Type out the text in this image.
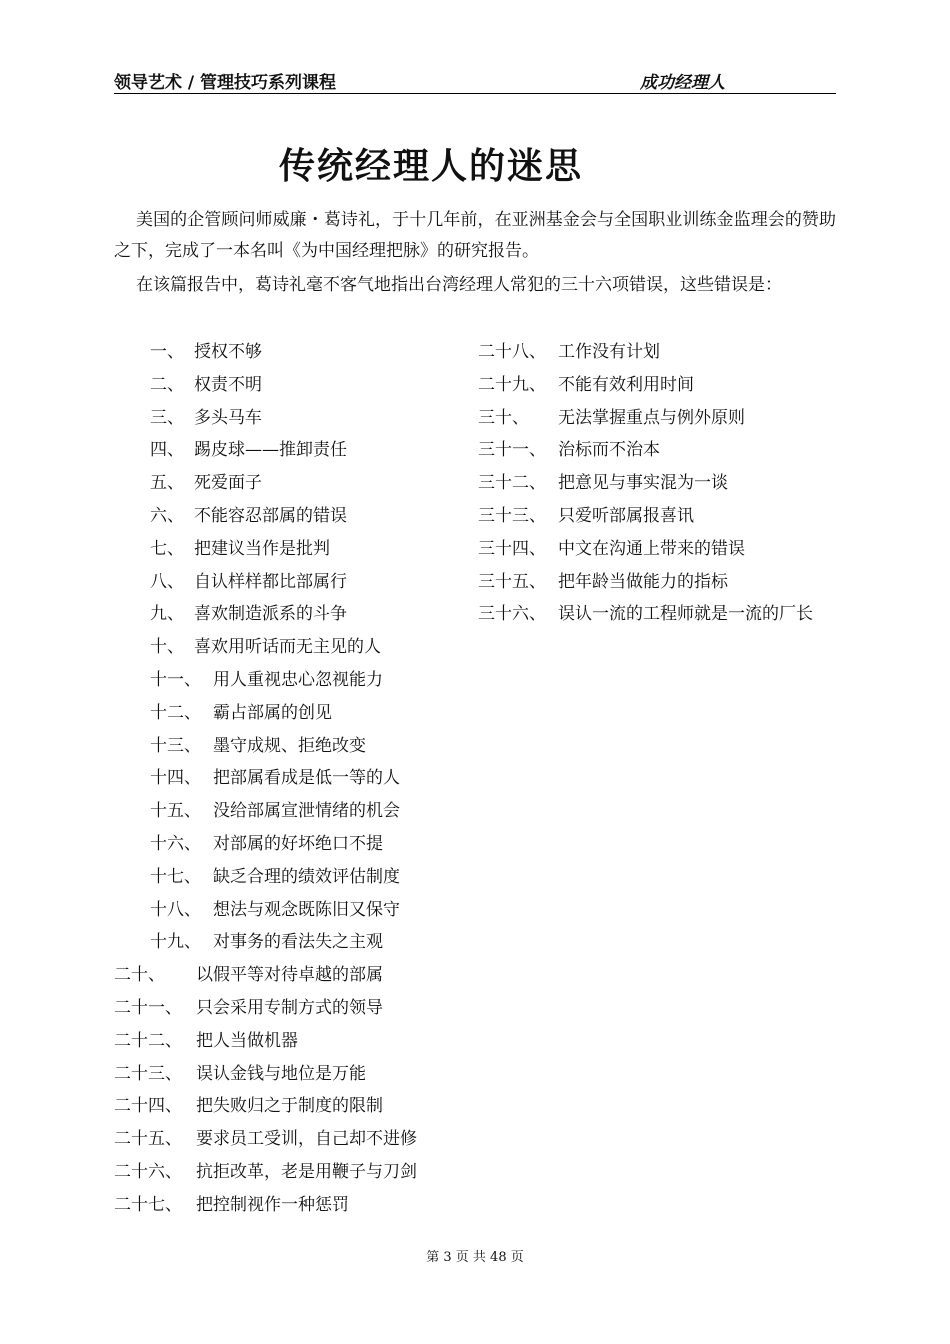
领导艺术 / 管理技巧系列课程	成功经理人
传统经理人的迷思

美国的企管顾问师威廉・葛诗礼，于十几年前，在亚洲基金会与全国职业训练金监理会的赞助之下，完成了一本名叫《为中国经理把脉》的研究报告。

在该篇报告中，葛诗礼毫不客气地指出台湾经理人常犯的三十六项错误，这些错误是：

一、 授权不够
二、 权责不明
三、 多头马车
四、 踢皮球——推卸责任
五、 死爱面子
六、 不能容忍部属的错误
七、 把建议当作是批判
八、 自认样样都比部属行
九、 喜欢制造派系的斗争
十、 喜欢用听话而无主见的人
十一、 用人重视忠心忽视能力
十二、 霸占部属的创见
十三、 墨守成规、拒绝改变
十四、 把部属看成是低一等的人
十五、 没给部属宣泄情绪的机会
十六、 对部属的好坏绝口不提
十七、 缺乏合理的绩效评估制度
十八、 想法与观念既陈旧又保守
十九、 对事务的看法失之主观
二十、 以假平等对待卓越的部属
二十一、 只会采用专制方式的领导
二十二、 把人当做机器
二十三、 误认金钱与地位是万能
二十四、 把失败归之于制度的限制
二十五、 要求员工受训，自己却不进修
二十六、 抗拒改革，老是用鞭子与刀剑
二十七、 把控制视作一种惩罚
二十八、 工作没有计划
二十九、 不能有效利用时间
三十、 无法掌握重点与例外原则
三十一、 治标而不治本
三十二、 把意见与事实混为一谈
三十三、 只爱听部属报喜讯
三十四、 中文在沟通上带来的错误
三十五、 把年龄当做能力的指标
三十六、 误认一流的工程师就是一流的厂长
第 3 页 共 48 页
